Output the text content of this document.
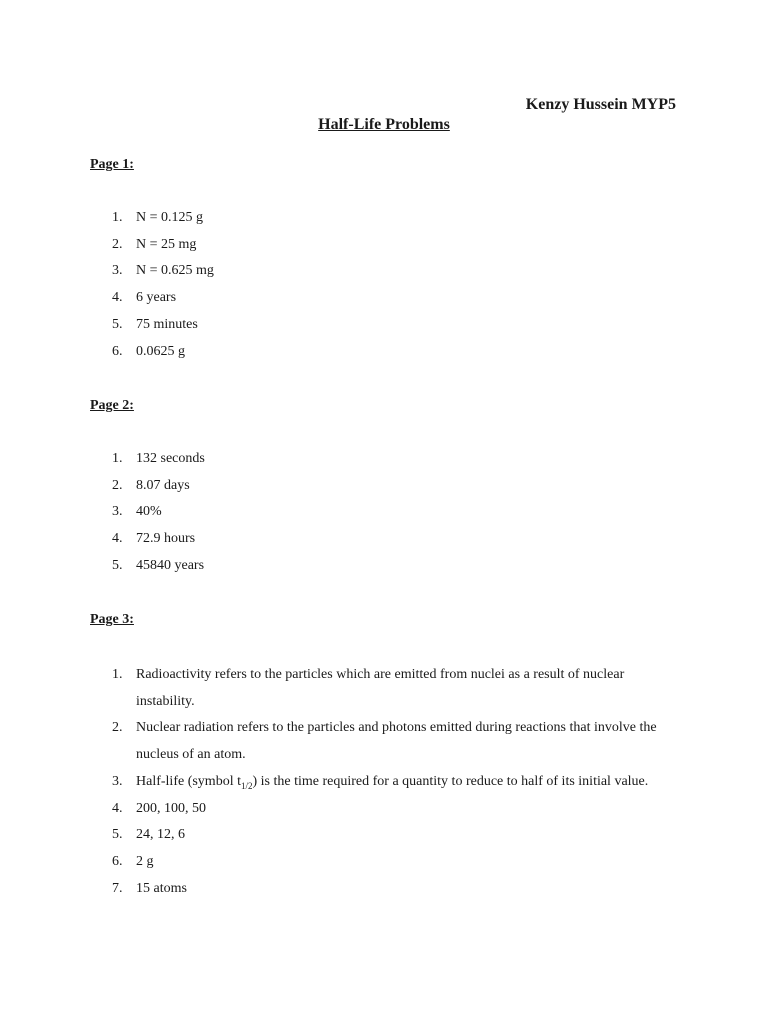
Kenzy Hussein MYP5

Half-Life Problems

Page 1:

1. N = 0.125 g
2. N = 25 mg
3. N = 0.625 mg
4. 6 years
5. 75 minutes
6. 0.0625 g

Page 2:

1. 132 seconds
2. 8.07 days
3. 40%
4. 72.9 hours
5. 45840 years

Page 3:

1. Radioactivity refers to the particles which are emitted from nuclei as a result of nuclear instability.
2. Nuclear radiation refers to the particles and photons emitted during reactions that involve the nucleus of an atom.
3. Half-life (symbol $t_{1/2}$) is the time required for a quantity to reduce to half of its initial value.
4. 200, 100, 50
5. 24, 12, 6
6. 2 g
7. 15 atoms
